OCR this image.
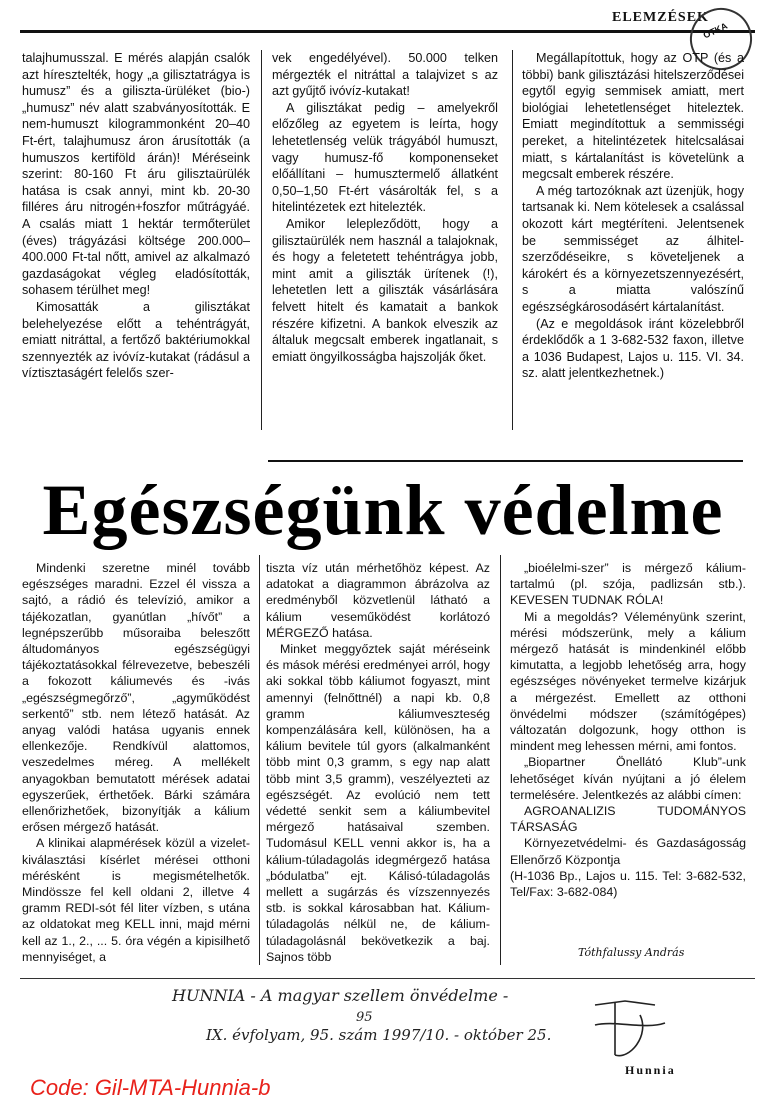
ELEMZÉSEK
OTKA

talajhumusszal. E mérés alapján csalók azt híresztelték, hogy „a gilisztatrágya is humusz” és a giliszta-ürüléket (bio-) „humusz” név alatt szabványosították. E nem-humuszt kilogrammonként 20–40 Ft-ért, talajhumusz áron árusították (a humuszos kertiföld árán)! Méréseink szerint: 80-160 Ft áru gilisztaürülék hatása is csak annyi, mint kb. 20-30 filléres áru nitrogén+foszfor műtrágyáé. A csalás miatt 1 hektár termőterület (éves) trágyázási költsége 200.000–400.000 Ft-tal nőtt, amivel az alkalmazó gazdaságokat végleg eladósították, sohasem térülhet meg!

Kimosatták a gilisztákat belehelyezése előtt a tehéntrágyát, emiatt nitráttal, a fertőző baktériumokkal szennyezték az ivóvíz-kutakat (rádásul a víztisztaságért felelős szer-

vek engedélyével). 50.000 telken mérgezték el nitráttal a talajvizet s az azt gyűjtő ivóvíz-kutakat!

A gilisztákat pedig – amelyekről előzőleg az egyetem is leírta, hogy lehetetlenség velük trágyából humuszt, vagy humusz-fő komponenseket előállítani – humusztermelő állatként 0,50–1,50 Ft-ért vásárolták fel, s a hitelintézetek ezt hitelezték.

Amikor lelepleződött, hogy a gilisztaürülék nem használ a talajoknak, és hogy a feletetett tehéntrágya jobb, mint amit a giliszták ürítenek (!), lehetetlen lett a giliszták vásárlására felvett hitelt és kamatait a bankok részére kifizetni. A bankok elveszik az általuk megcsalt emberek ingatlanait, s emiatt öngyilkosságba hajszolják őket.

Megállapítottuk, hogy az OTP (és a többi) bank gilisztázási hitelszerződései egytől egyig semmisek amiatt, mert biológiai lehetetlenséget hiteleztek. Emiatt megindítottuk a semmisségi pereket, a hitelintézetek hitelcsalásai miatt, s kártalanítást is követelünk a megcsalt emberek részére.

A még tartozóknak azt üzenjük, hogy tartsanak ki. Nem kötelesek a csalással okozott kárt megtéríteni. Jelentsenek be semmisséget az álhitel-szerződéseikre, s követeljenek a károkért és a környezetszennyezésért, s a miatta valószínű egészségkárosodásért kártalanítást.

(Az e megoldások iránt közelebbről érdeklődők a 1 3-682-532 faxon, illetve a 1036 Budapest, Lajos u. 115. VI. 34. sz. alatt jelentkezhetnek.)

Egészségünk védelme

Mindenki szeretne minél tovább egészséges maradni. Ezzel él vissza a sajtó, a rádió és televízió, amikor a tájékozatlan, gyanútlan „hívőt” a legnépszerűbb műsoraiba beleszőtt áltudományos egészségügyi tájékoztatásokkal félrevezetve, bebeszéli a fokozott káliumevés és -ivás „egészségmegőrző”, „agyműködést serkentő” stb. nem létező hatását. Az anyag valódi hatása ugyanis ennek ellenkezője. Rendkívül alattomos, veszedelmes méreg. A mellékelt anyagokban bemutatott mérések adatai egyszerűek, érthetőek. Bárki számára ellenőrizhetőek, bizonyítják a kálium erősen mérgező hatását.

A klinikai alapmérések közül a vizelet-kiválasztási kísérlet mérései otthoni mérésként is megismételhetők. Mindössze fel kell oldani 2, illetve 4 gramm REDI-sót fél liter vízben, s utána az oldatokat meg KELL inni, majd mérni kell az 1., 2., ... 5. óra végén a kipisilhető mennyiséget, a

tiszta víz után mérhetőhöz képest. Az adatokat a diagrammon ábrázolva az eredményből közvetlenül látható a kálium veseműködést korlátozó MÉRGEZŐ hatása.

Minket meggyőztek saját méréseink és mások mérési eredményei arról, hogy aki sokkal több káliumot fogyaszt, mint amennyi (felnőttnél) a napi kb. 0,8 gramm káliumveszteség kompenzálására kell, különösen, ha a kálium bevitele túl gyors (alkalmanként több mint 0,3 gramm, s egy nap alatt több mint 3,5 gramm), veszélyezteti az egészségét. Az evolúció nem tett védetté senkit sem a káliumbevitel mérgező hatásaival szemben. Tudomásul KELL venni akkor is, ha a kálium-túladagolás idegmérgező hatása „bódulatba” ejt. Kálisó-túladagolás mellett a sugárzás és vízszennyezés stb. is sokkal károsabban hat. Kálium-túladagolás nélkül ne, de kálium-túladagolásnál bekövetkezik a baj. Sajnos több

„bioélelmi-szer” is mérgező kálium-tartalmú (pl. szója, padlizsán stb.). KEVESEN TUDNAK RÓLA!

Mi a megoldás? Véleményünk szerint, mérési módszerünk, mely a kálium mérgező hatását is mindenkinél előbb kimutatta, a legjobb lehetőség arra, hogy egészséges növényeket termelve kizárjuk a mérgezést. Emellett az otthoni önvédelmi módszer (számítógépes) változatán dolgozunk, hogy otthon is mindent meg lehessen mérni, ami fontos.

„Biopartner Önellátó Klub”-unk lehetőséget kíván nyújtani a jó élelem termelésére. Jelentkezés az alábbi címen:

AGROANALIZIS TUDOMÁNYOS TÁRSASÁG

Környezetvédelmi- és Gazdaságosság Ellenőrző Központja

(H-1036 Bp., Lajos u. 115. Tel: 3-682-532, Tel/Fax: 3-682-084)

Tóthfalussy András
HUNNIA - A magyar szellem önvédelme -
95
IX. évfolyam, 95. szám 1997/10. - október 25.
Hunnia
Code: Gil-MTA-Hunnia-b
